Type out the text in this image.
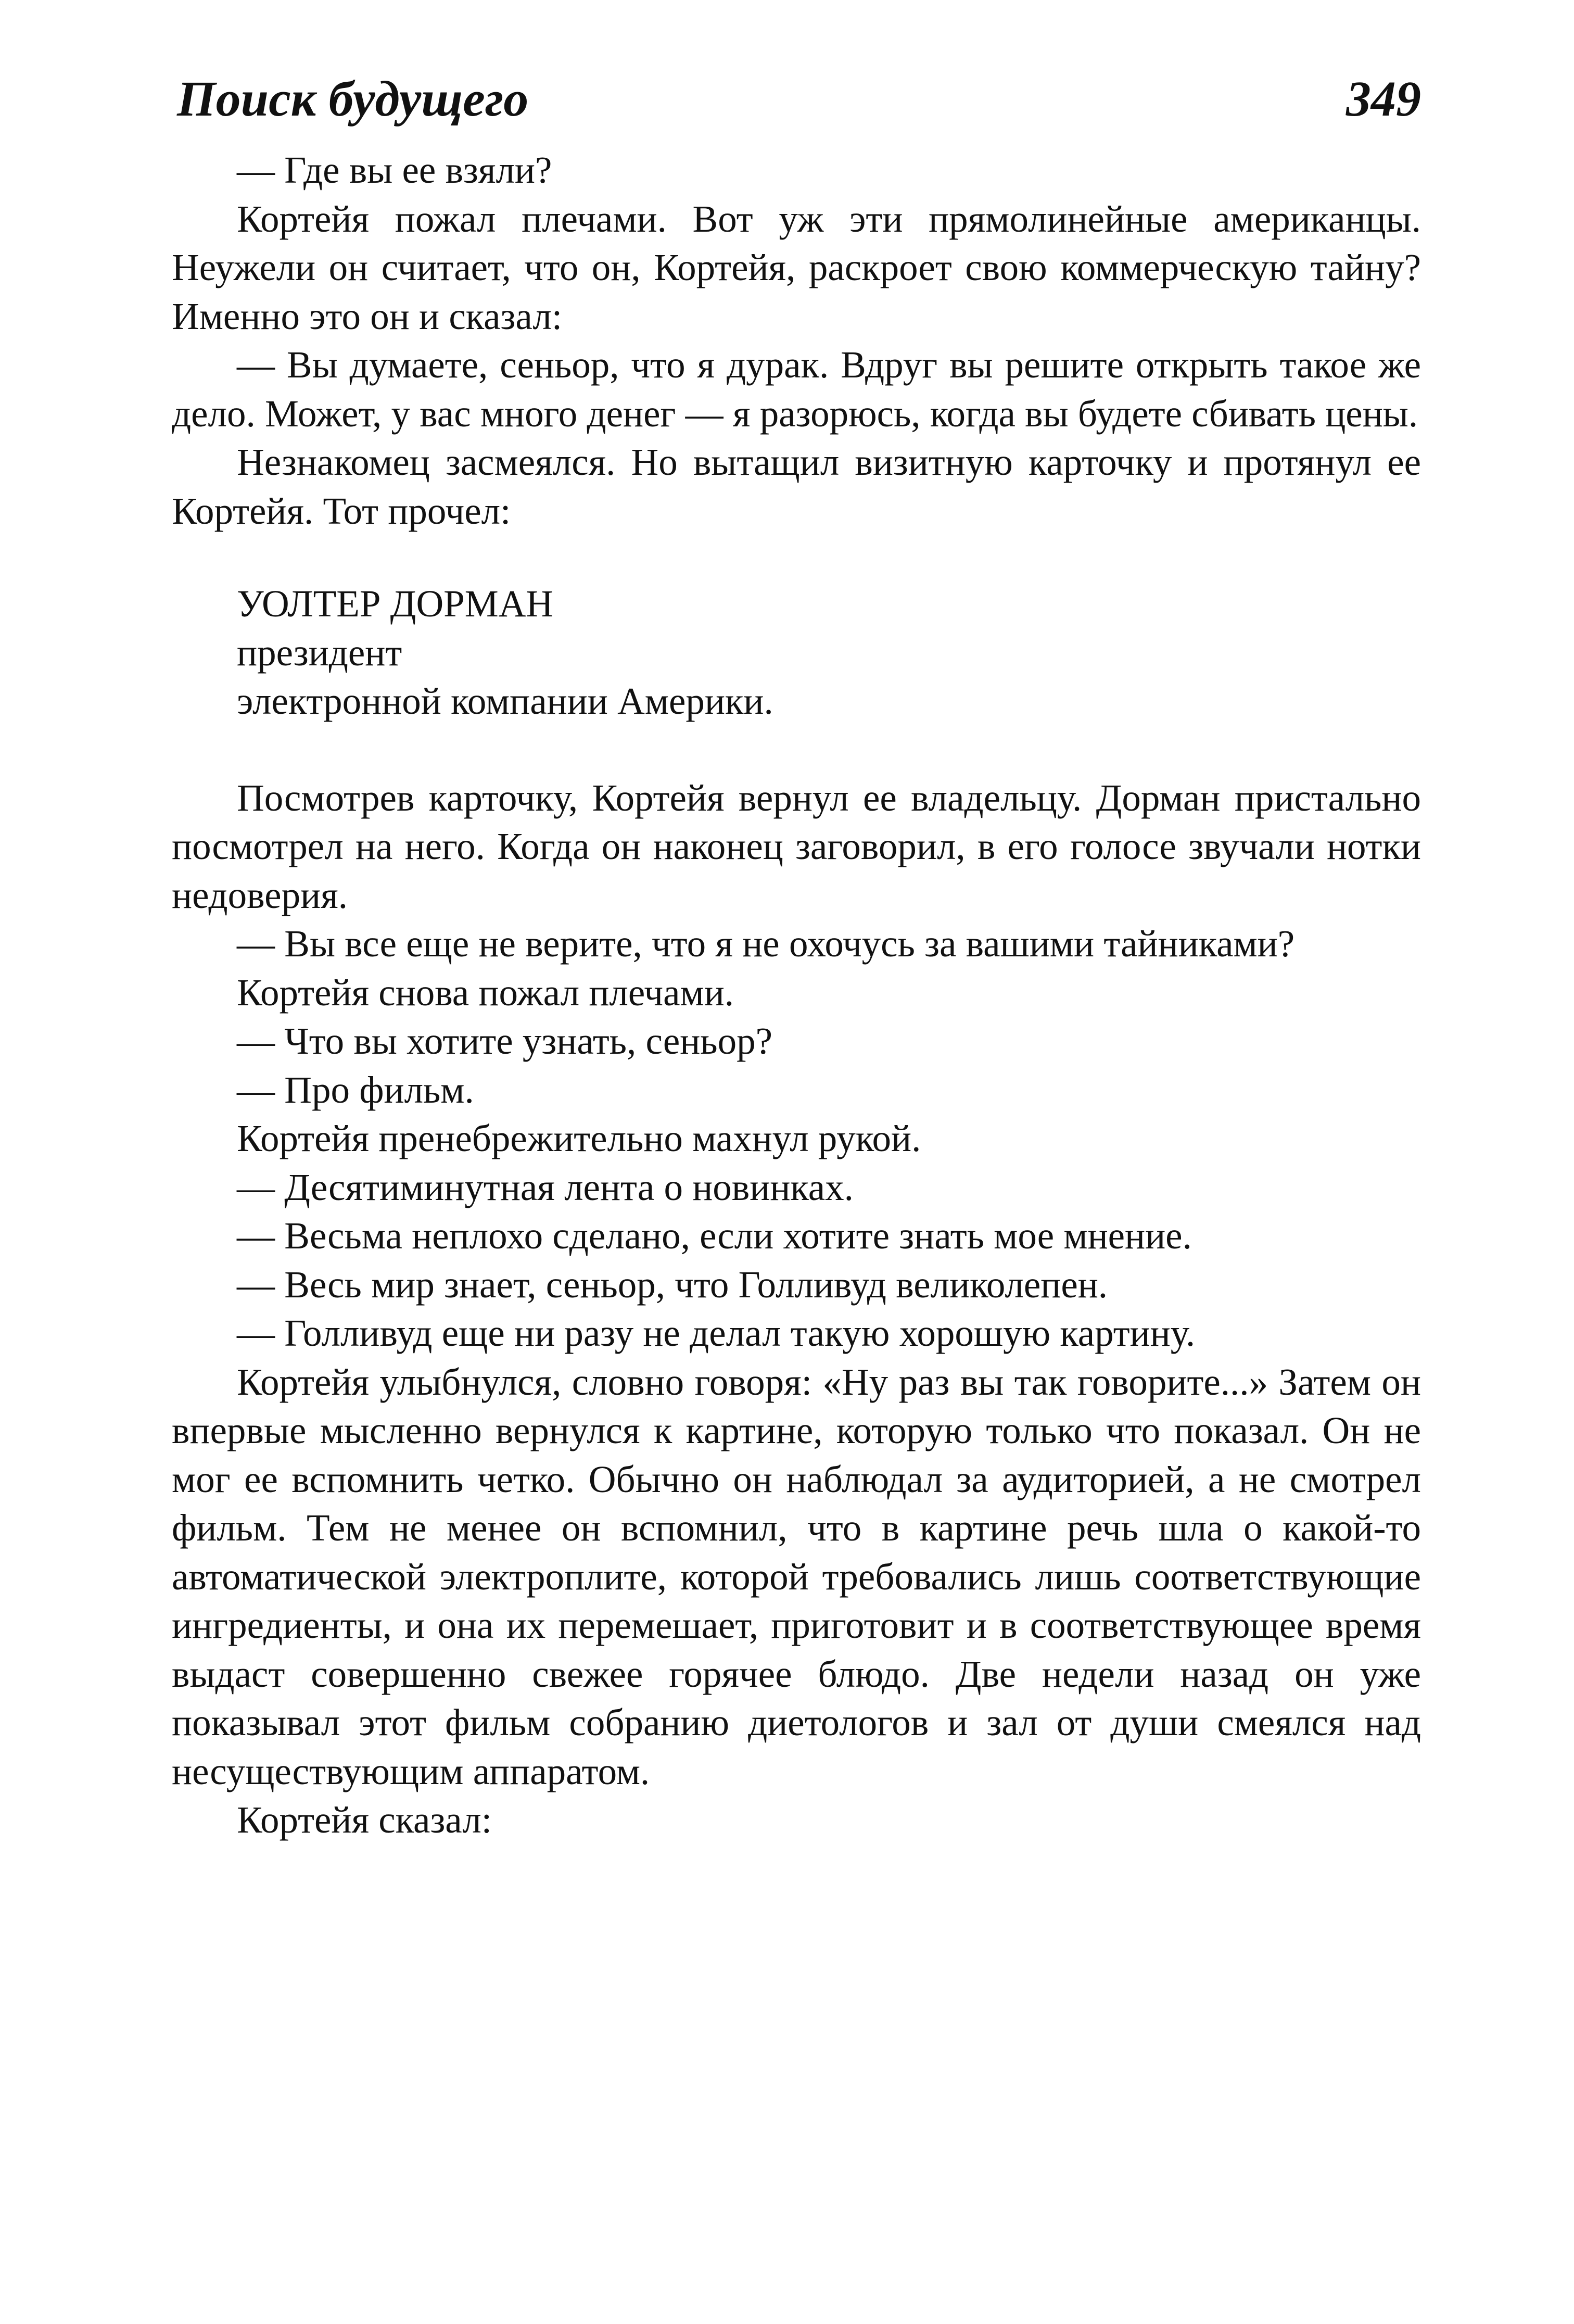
Поиск будущего	349

— Где вы ее взяли?

Кортейя пожал плечами. Вот уж эти прямолинейные американцы. Неужели он считает, что он, Кортейя, раскроет свою коммерческую тайну? Именно это он и сказал:

— Вы думаете, сеньор, что я дурак. Вдруг вы решите открыть такое же дело. Может, у вас много денег — я разорюсь, когда вы будете сбивать цены.

Незнакомец засмеялся. Но вытащил визитную карточку и протянул ее Кортейя. Тот прочел:

УОЛТЕР ДОРМАН
президент
электронной компании Америки.

Посмотрев карточку, Кортейя вернул ее владельцу. Дорман пристально посмотрел на него. Когда он наконец заговорил, в его голосе звучали нотки недоверия.

— Вы все еще не верите, что я не охочусь за вашими тайниками?

Кортейя снова пожал плечами.

— Что вы хотите узнать, сеньор?

— Про фильм.

Кортейя пренебрежительно махнул рукой.

— Десятиминутная лента о новинках.

— Весьма неплохо сделано, если хотите знать мое мнение.

— Весь мир знает, сеньор, что Голливуд великолепен.

— Голливуд еще ни разу не делал такую хорошую картину.

Кортейя улыбнулся, словно говоря: «Ну раз вы так говорите...» Затем он впервые мысленно вернулся к картине, которую только что показал. Он не мог ее вспомнить четко. Обычно он наблюдал за аудиторией, а не смотрел фильм. Тем не менее он вспомнил, что в картине речь шла о какой-то автоматической электроплите, которой требовались лишь соответствующие ингредиенты, и она их перемешает, приготовит и в соответствующее время выдаст совершенно свежее горячее блюдо. Две недели назад он уже показывал этот фильм собранию диетологов и зал от души смеялся над несуществующим аппаратом.

Кортейя сказал:
